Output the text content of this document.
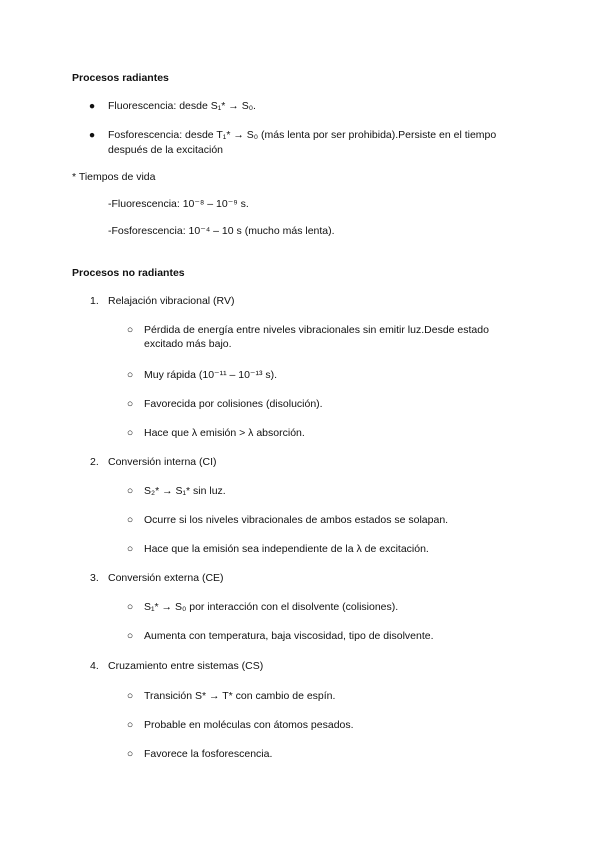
Procesos radiantes
● Fluorescencia: desde S₁* → S₀.
● Fosforescencia: desde T₁* → S₀ (más lenta por ser prohibida).Persiste en el tiempo
después de la excitación
* Tiempos de vida
-Fluorescencia: 10⁻⁸ – 10⁻⁹ s.
-Fosforescencia: 10⁻⁴ – 10 s (mucho más lenta).
Procesos no radiantes
1. Relajación vibracional (RV)
○ Pérdida de energía entre niveles vibracionales sin emitir luz.Desde estado
excitado más bajo.
○ Muy rápida (10⁻¹¹ – 10⁻¹³ s).
○ Favorecida por colisiones (disolución).
○ Hace que λ emisión > λ absorción.
2. Conversión interna (CI)
○ S₂* → S₁* sin luz.
○ Ocurre si los niveles vibracionales de ambos estados se solapan.
○ Hace que la emisión sea independiente de la λ de excitación.
3. Conversión externa (CE)
○ S₁* → S₀ por interacción con el disolvente (colisiones).
○ Aumenta con temperatura, baja viscosidad, tipo de disolvente.
4. Cruzamiento entre sistemas (CS)
○ Transición S* → T* con cambio de espín.
○ Probable en moléculas con átomos pesados.
○ Favorece la fosforescencia.
